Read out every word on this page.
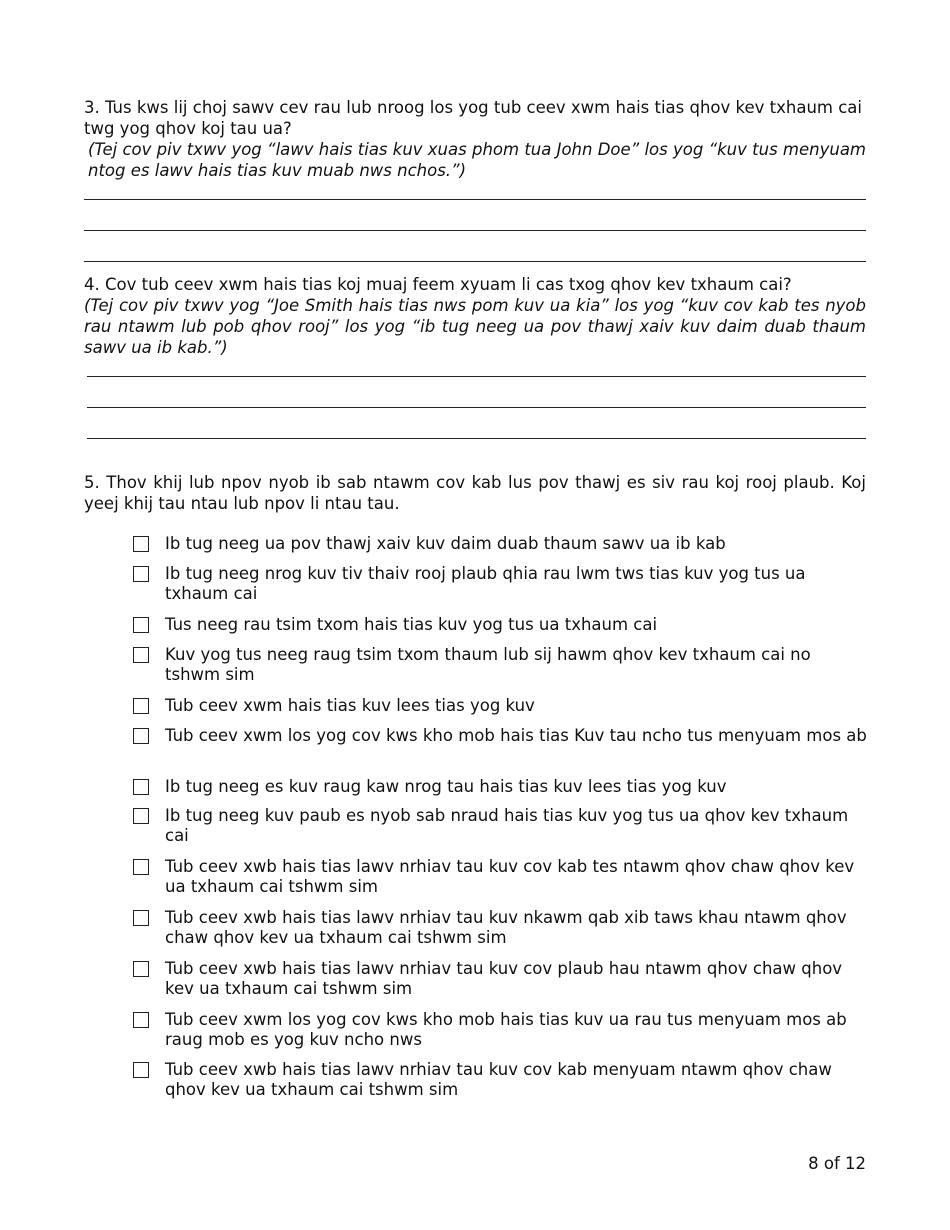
3. Tus kws lij choj sawv cev rau lub nroog los yog tub ceev xwm hais tias qhov kev txhaum cai twg yog qhov koj tau ua?

(Tej cov piv txwv yog “lawv hais tias kuv xuas phom tua John Doe” los yog “kuv tus menyuam ntog es lawv hais tias kuv muab nws nchos.”)

4. Cov tub ceev xwm hais tias koj muaj feem xyuam li cas txog qhov kev txhaum cai?

(Tej cov piv txwv yog “Joe Smith hais tias nws pom kuv ua kia” los yog “kuv cov kab tes nyob rau ntawm lub pob qhov rooj” los yog “ib tug neeg ua pov thawj xaiv kuv daim duab thaum sawv ua ib kab.”)

5. Thov khij lub npov nyob ib sab ntawm cov kab lus pov thawj es siv rau koj rooj plaub. Koj yeej khij tau ntau lub npov li ntau tau.

Ib tug neeg ua pov thawj xaiv kuv daim duab thaum sawv ua ib kab
Ib tug neeg nrog kuv tiv thaiv rooj plaub qhia rau lwm tws tias kuv yog tus ua txhaum cai
Tus neeg rau tsim txom hais tias kuv yog tus ua txhaum cai
Kuv yog tus neeg raug tsim txom thaum lub sij hawm qhov kev txhaum cai no tshwm sim
Tub ceev xwm hais tias kuv lees tias yog kuv
Tub ceev xwm los yog cov kws kho mob hais tias Kuv tau ncho tus menyuam mos ab
Ib tug neeg es kuv raug kaw nrog tau hais tias kuv lees tias yog kuv
Ib tug neeg kuv paub es nyob sab nraud hais tias kuv yog tus ua qhov kev txhaum cai
Tub ceev xwb hais tias lawv nrhiav tau kuv cov kab tes ntawm qhov chaw qhov kev ua txhaum cai tshwm sim
Tub ceev xwb hais tias lawv nrhiav tau kuv nkawm qab xib taws khau ntawm qhov chaw qhov kev ua txhaum cai tshwm sim
Tub ceev xwb hais tias lawv nrhiav tau kuv cov plaub hau ntawm qhov chaw qhov kev ua txhaum cai tshwm sim
Tub ceev xwm los yog cov kws kho mob hais tias kuv ua rau tus menyuam mos ab raug mob es yog kuv ncho nws
Tub ceev xwb hais tias lawv nrhiav tau kuv cov kab menyuam ntawm qhov chaw qhov kev ua txhaum cai tshwm sim
8 of 12
